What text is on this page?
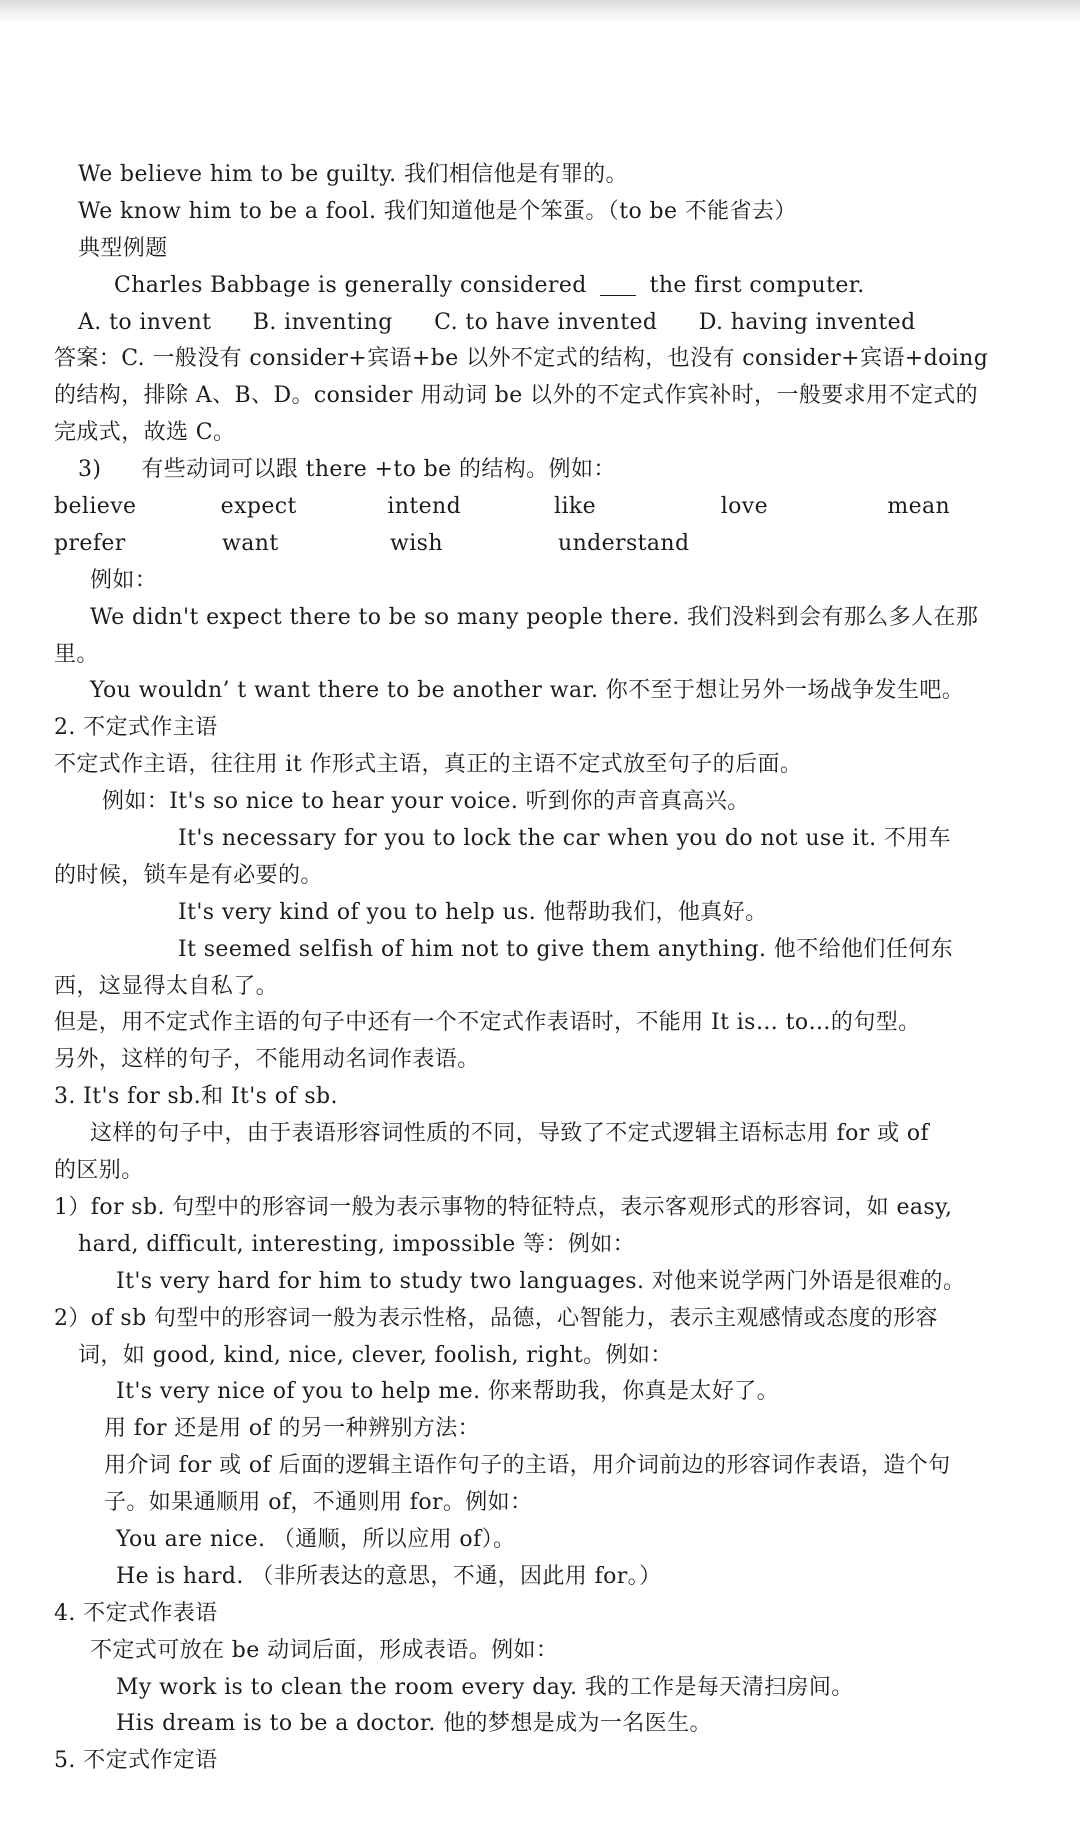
We believe him to be guilty. 我们相信他是有罪的。
We know him to be a fool. 我们知道他是个笨蛋。（to be 不能省去）
典型例题
Charles Babbage is generally considered	the first computer.
A. to invent B. inventing C. to have invented D. having invented
答案：C. 一般没有 consider+宾语+be 以外不定式的结构，也没有 consider+宾语+doing
的结构，排除 A、B、D。consider 用动词 be 以外的不定式作宾补时，一般要求用不定式的
完成式，故选 C。
3) 有些动词可以跟 there +to be 的结构。例如：
believe	expect	intend	like	love	mean
prefer	want	wish	understand
例如：
We didn't expect there to be so many people there. 我们没料到会有那么多人在那
里。
You wouldn’ t want there to be another war. 你不至于想让另外一场战争发生吧。
2. 不定式作主语
不定式作主语，往往用 it 作形式主语，真正的主语不定式放至句子的后面。
例如：It's so nice to hear your voice. 听到你的声音真高兴。
It's necessary for you to lock the car when you do not use it. 不用车
的时候，锁车是有必要的。
It's very kind of you to help us. 他帮助我们，他真好。
It seemed selfish of him not to give them anything. 他不给他们任何东
西，这显得太自私了。
但是，用不定式作主语的句子中还有一个不定式作表语时，不能用 It is… to…的句型。
另外，这样的句子，不能用动名词作表语。
3. It's for sb.和 It's of sb.
这样的句子中，由于表语形容词性质的不同，导致了不定式逻辑主语标志用 for 或 of
的区别。
1）for sb. 句型中的形容词一般为表示事物的特征特点，表示客观形式的形容词，如 easy,
hard, difficult, interesting, impossible 等：例如：
It's very hard for him to study two languages. 对他来说学两门外语是很难的。
2）of sb 句型中的形容词一般为表示性格，品德，心智能力，表示主观感情或态度的形容
词，如 good, kind, nice, clever, foolish, right。例如：
It's very nice of you to help me. 你来帮助我，你真是太好了。
用 for 还是用 of 的另一种辨别方法：
用介词 for 或 of 后面的逻辑主语作句子的主语，用介词前边的形容词作表语，造个句
子。如果通顺用 of，不通则用 for。例如：
You are nice. （通顺，所以应用 of）。
He is hard. （非所表达的意思，不通，因此用 for。）
4. 不定式作表语
不定式可放在 be 动词后面，形成表语。例如：
My work is to clean the room every day. 我的工作是每天清扫房间。
His dream is to be a doctor. 他的梦想是成为一名医生。
5. 不定式作定语
